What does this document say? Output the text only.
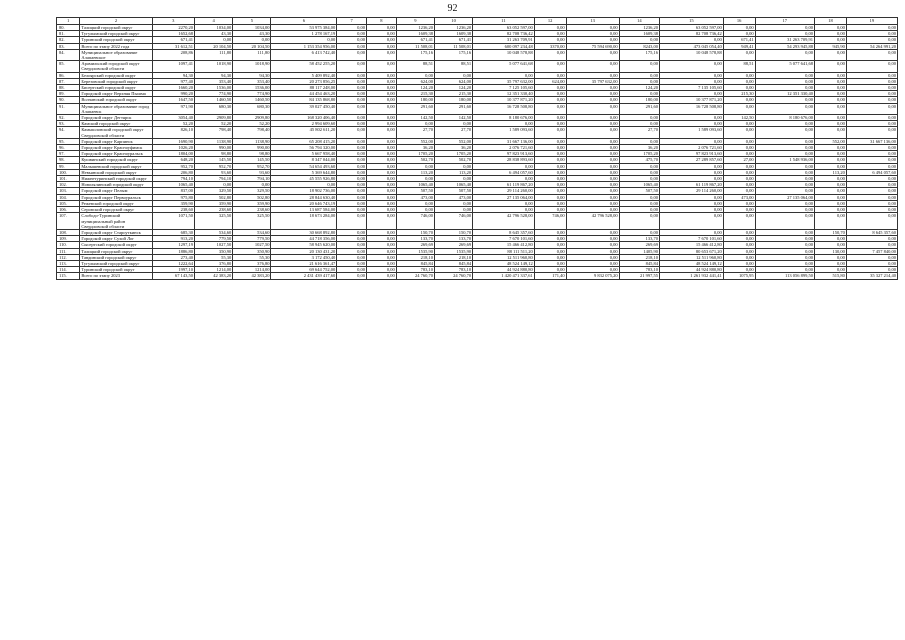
92
1	2	3	4	5	6	7	8	9	10	11	12	13	14	15	16	17	18	19
80.	Талицкий городской округ	2270,20	1034,00	1034,00	53 975 384,00	0,00	0,00	1236,20	1236,20	63 052 597,00	0,00	0,00	1236,20	63 052 597,00	0,00	0,00	0,00	0,00
81.	Тугулымский городской округ	1652,68	43,30	43,30	1 278 167,19	0,00	0,00	1609,38	1609,38	82 708 736,42	0,00	0,00	1609,38	82 708 736,42	0,00	0,00	0,00	0,00
82.	Туринский городской округ	671,41	0,00	0,00	0,00	0,00	0,00	671,41	671,41	31 263 709,91	0,00	0,00	0,00	0,00	671,41	31 263 709,91	0,00	0,00
83.	Всего по этапу 2022 года	31 612,51	20 104,50	20 104,50	1 153 354 956,00	0,00	0,00	11 508,01	11 508,01	600 097 234,48	3370,00	75 594 690,00	8243,00	473 045 054,40	949,41	54 293 945,88	945,90	54 264 991,20
84.	Муниципальное образование Алапаевское	208,86	111,80	111,80	6 413 742,40	0,00	0,00	175,16	175,16	10 048 578,88	0,00	0,00	175,16	10 048 578,88	0,00	0,00	0,00	0,00
85.	Арамильский городской округ Свердловской области	1097,41	1018,90	1018,90	58 452 255,20	0,00	0,00	88,51	88,51	5 077 641,68	0,00	0,00	0,00	0,00	88,51	5 077 641,68	0,00	0,00
86.	Белоярский городской округ	94,30	94,30	94,30	5 409 892,40	0,00	0,00	0,00	0,00	0,00	0,00	0,00	0,00	0,00	0,00	0,00	0,00	0,00
87.	Березовский городской округ	977,40	353,40	353,40	20 273 856,25	0,00	0,00	624,00	624,00	35 797 632,00	624,00	35 797 632,00	0,00	0,00	0,00	0,00	0,00	0,00
88.	Бисертский городской округ	1660,20	1536,00	1536,00	88 117 248,00	0,00	0,00	124,20	124,20	7 125 105,60	0,00	0,00	124,20	7 135 105,60	0,00	0,00	0,00	0,00
89.	Городской округ Верхняя Пышма	990,20	774,90	774,90	44 454 463,20	0,00	0,00	215,30	215,30	12 351 330,40	0,00	0,00	0,00	0,00	215,30	12 351 330,40	0,00	0,00
90.	Волчанский городской округ	1647,50	1460,50	1460,50	84 135 868,80	0,00	0,00	180,00	180,00	10 377 871,20	0,00	0,00	180,00	10 377 871,20	0,00	0,00	0,00	0,00
91.	Муниципальное образование город Алапаевск	971,90	680,30	680,30	39 027 450,40	0,00	0,00	291,60	291,60	16 728 508,80	0,00	0,00	291,60	16 728 508,80	0,00	0,00	0,00	0,00
92.	Городской округ Дегтярск	3054,40	2909,80	2909,80	168 320 406,40	0,00	0,00	142,50	142,50	8 180 676,00	0,00	0,00	0,00	0,00	142,50	8 180 676,00	0,00	0,00
93.	Камский городской округ	52,20	52,20	52,20	2 994 609,60	0,00	0,00	0,00	0,00	0,00	0,00	0,00	0,00	0,00	0,00	0,00	0,00	0,00
94.	Камышловский городской округ Свердловской области	826,10	798,40	798,40	45 802 611,20	0,00	0,00	27,70	27,70	1 589 093,60	0,00	0,00	27,70	1 589 093,60	0,00	0,00	0,00	0,00
95.	Городской округ Карпинск	1690,90	1138,90	1138,90	65 208 415,20	0,00	0,00	552,00	552,00	31 667 136,00	0,00	0,00	0,00	0,00	0,00	0,00	552,00	31 667 136,00
96.	Городской округ Красноуфимск	1026,20	990,00	990,00	56 794 320,00	0,00	0,00	36,20	36,20	2 076 721,60	0,00	0,00	36,20	2 076 721,60	0,00	0,00	0,00	0,00
97.	Городской округ Красноуральск	1804,00	98,80	98,80	5 667 958,40	0,00	0,00	1705,20	1705,20	97 823 913,60	0,00	0,00	1705,20	97 823 913,60	0,00	0,00	0,00	0,00
98.	Кушвинский городской округ	648,20	145,50	145,50	8 347 044,00	0,00	0,00	502,70	502,70	28 838 893,60	0,00	0,00	475,70	27 289 857,60	27,00	1 548 936,00	0,00	0,00
99.	Малышевский городской округ	952,70	952,70	952,70	54 654 493,60	0,00	0,00	0,00	0,00	0,00	0,00	0,00	0,00	0,00	0,00	0,00	0,00	0,00
100.	Невьянский городской округ	206,80	93,60	93,60	5 369 644,80	0,00	0,00	113,20	113,20	6 494 057,60	0,00	0,00	0,00	0,00	0,00	0,00	113,20	6 494 057,60
101.	Нижнетуринский городской округ	794,10	794,10	794,10	45 555 926,80	0,00	0,00	0,00	0,00	0,00	0,00	0,00	0,00	0,00	0,00	0,00	0,00	0,00
102.	Новолялинский городской округ	1065,40	0,00	0,00	0,00	0,00	0,00	1065,40	1065,40	61 119 867,20	0,00	0,00	1065,40	61 119 867,20	0,00	0,00	0,00	0,00
103.	Городской округ Пелым	837,00	329,50	329,50	18 902 736,00	0,00	0,00	507,50	507,50	29 114 260,00	0,00	0,00	507,50	29 114 260,00	0,00	0,00	0,00	0,00
104.	Городской округ Первоуральск	975,80	502,80	502,80	28 844 630,40	0,00	0,00	473,00	473,00	27 135 064,00	0,00	0,00	0,00	0,00	473,00	27 135 064,00	0,00	0,00
105.	Режевской городской округ	359,90	359,90	359,90	20 646 743,19	0,00	0,00	0,00	0,00	0,00	0,00	0,00	0,00	0,00	0,00	0,00	0,00	0,00
106.	Серовский городской округ	238,60	238,60	238,60	13 687 584,00	0,00	0,00	0,00	0,00	0,00	0,00	0,00	0,00	0,00	0,00	0,00	0,00	0,00
107.	Слободо-Туринский муниципальный район Свердловской области	1071,50	325,50	325,50	18 673 284,00	0,00	0,00	746,00	746,00	42 796 528,00	746,00	42 796 528,00	0,00	0,00	0,00	0,00	0,00	0,00
108.	Городской округ Староуткинск	685,30	534,60	534,60	30 668 892,80	0,00	0,00	150,70	150,70	8 645 357,60	0,00	0,00	0,00	0,00	0,00	0,00	150,70	8 645 357,60
109.	Городской округ Сухой Лог	913,20	779,50	779,50	44 718 356,00	0,00	0,00	133,70	133,70	7 670 101,60	0,00	0,00	133,70	7 670 101,60	0,00	0,00	0,00	0,00
110.	Сысертский городской округ	1297,19	1027,50	1027,50	58 945 620,00	0,00	0,00	269,69	269,69	15 466 412,80	0,00	0,00	269,69	15 466 412,80	0,00	0,00	0,00	0,00
111.	Талицкий городской округ	1886,80	350,90	350,90	20 130 431,20	0,00	0,00	1535,90	1535,90	88 111 511,20	0,00	0,00	1405,90	80 653 671,20	0,00	0,00	130,00	7 457 840,00
112.	Тавдинский городской округ	273,40	55,30	55,30	3 172 450,40	0,00	0,00	218,10	218,10	12 511 960,80	0,00	0,00	218,10	12 511 960,80	0,00	0,00	0,00	0,00
113.	Тугулымский городской округ	1222,64	376,80	376,80	21 616 361,47	0,00	0,00	845,84	845,84	48 524 149,12	0,00	0,00	845,84	48 524 149,12	0,00	0,00	0,00	0,00
114.	Туринский городской округ	1997,10	1214,00	1214,00	69 644 752,00	0,00	0,00	783,10	783,10	44 924 880,80	0,00	0,00	783,10	44 924 880,80	0,00	0,00	0,00	0,00
115.	Всего по этапу 2023	67 143,50	42 383,20	42 383,20	2 431 439 417,60	0,00	0,00	24 760,70	24 760,70	1 420 471 337,61	171,40	9 832 075,20	21 997,55	1 261 932 441,41	1075,95	113 056 899,50	515,80	35 327 214,40
